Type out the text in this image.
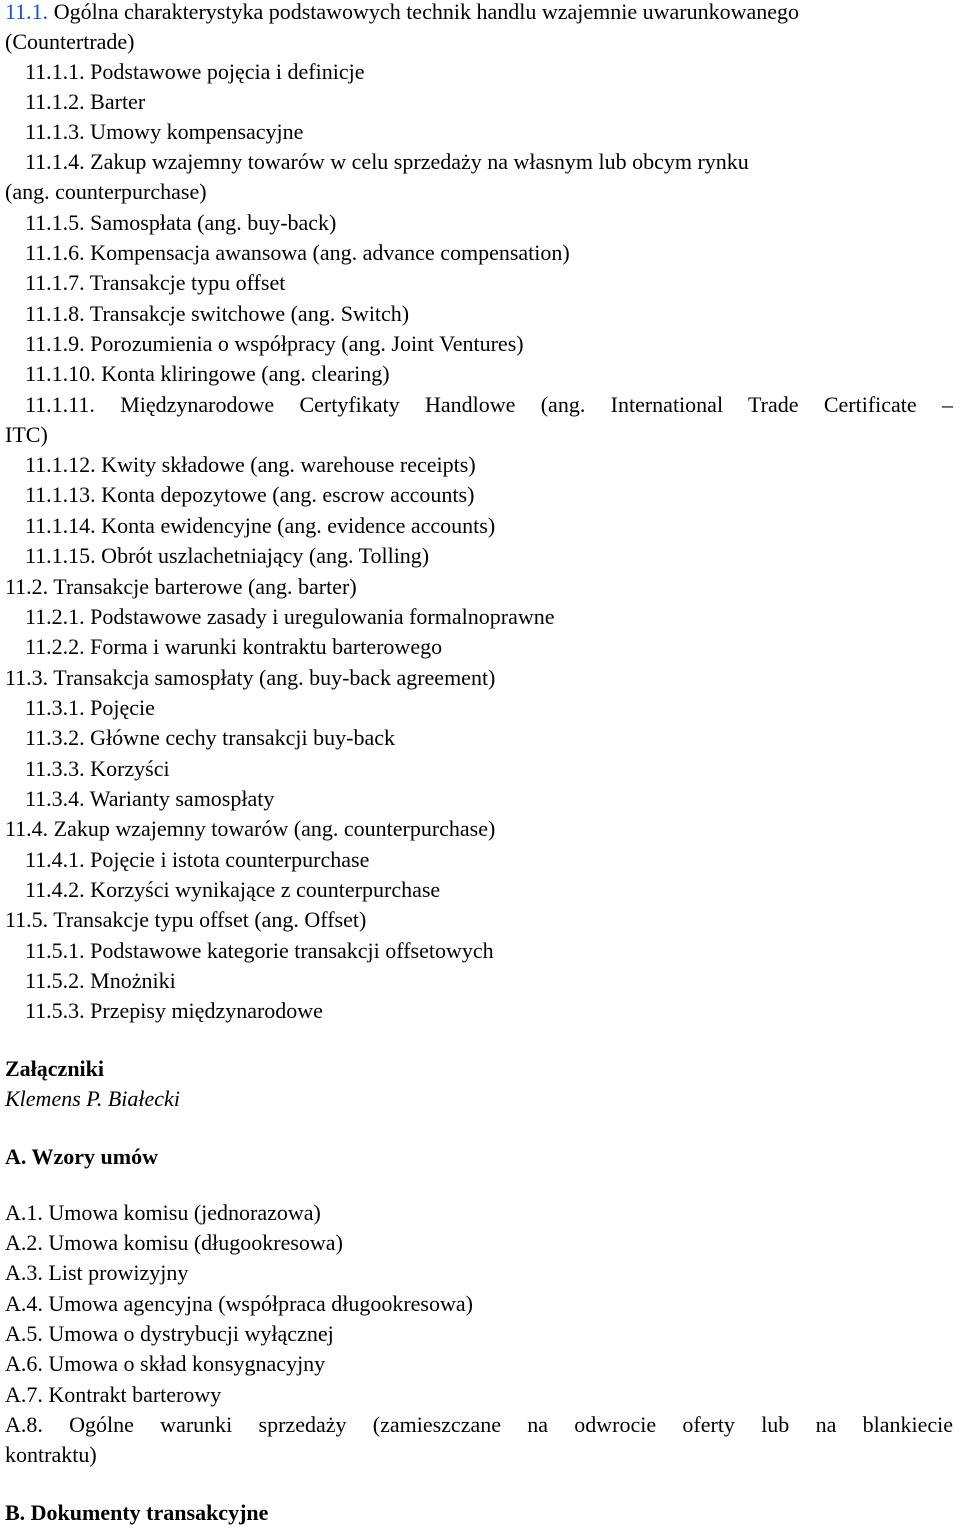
11.1. Ogólna charakterystyka podstawowych technik handlu wzajemnie uwarunkowanego
(Countertrade)
11.1.1. Podstawowe pojęcia i definicje
11.1.2. Barter
11.1.3. Umowy kompensacyjne
11.1.4. Zakup wzajemny towarów w celu sprzedaży na własnym lub obcym rynku
(ang. counterpurchase)
11.1.5. Samospłata (ang. buy-back)
11.1.6. Kompensacja awansowa (ang. advance compensation)
11.1.7. Transakcje typu offset
11.1.8. Transakcje switchowe (ang. Switch)
11.1.9. Porozumienia o współpracy (ang. Joint Ventures)
11.1.10. Konta kliringowe (ang. clearing)
11.1.11. Międzynarodowe Certyfikaty Handlowe (ang. International Trade Certificate –
ITC)
11.1.12. Kwity składowe (ang. warehouse receipts)
11.1.13. Konta depozytowe (ang. escrow accounts)
11.1.14. Konta ewidencyjne (ang. evidence accounts)
11.1.15. Obrót uszlachetniający (ang. Tolling)
11.2. Transakcje barterowe (ang. barter)
11.2.1. Podstawowe zasady i uregulowania formalnoprawne
11.2.2. Forma i warunki kontraktu barterowego
11.3. Transakcja samospłaty (ang. buy-back agreement)
11.3.1. Pojęcie
11.3.2. Główne cechy transakcji buy-back
11.3.3. Korzyści
11.3.4. Warianty samospłaty
11.4. Zakup wzajemny towarów (ang. counterpurchase)
11.4.1. Pojęcie i istota counterpurchase
11.4.2. Korzyści wynikające z counterpurchase
11.5. Transakcje typu offset (ang. Offset)
11.5.1. Podstawowe kategorie transakcji offsetowych
11.5.2. Mnożniki
11.5.3. Przepisy międzynarodowe
Załączniki
Klemens P. Białecki
A. Wzory umów
A.1. Umowa komisu (jednorazowa)
A.2. Umowa komisu (długookresowa)
A.3. List prowizyjny
A.4. Umowa agencyjna (współpraca długookresowa)
A.5. Umowa o dystrybucji wyłącznej
A.6. Umowa o skład konsygnacyjny
A.7. Kontrakt barterowy
A.8. Ogólne warunki sprzedaży (zamieszczane na odwrocie oferty lub na blankiecie
kontraktu)
B. Dokumenty transakcyjne
